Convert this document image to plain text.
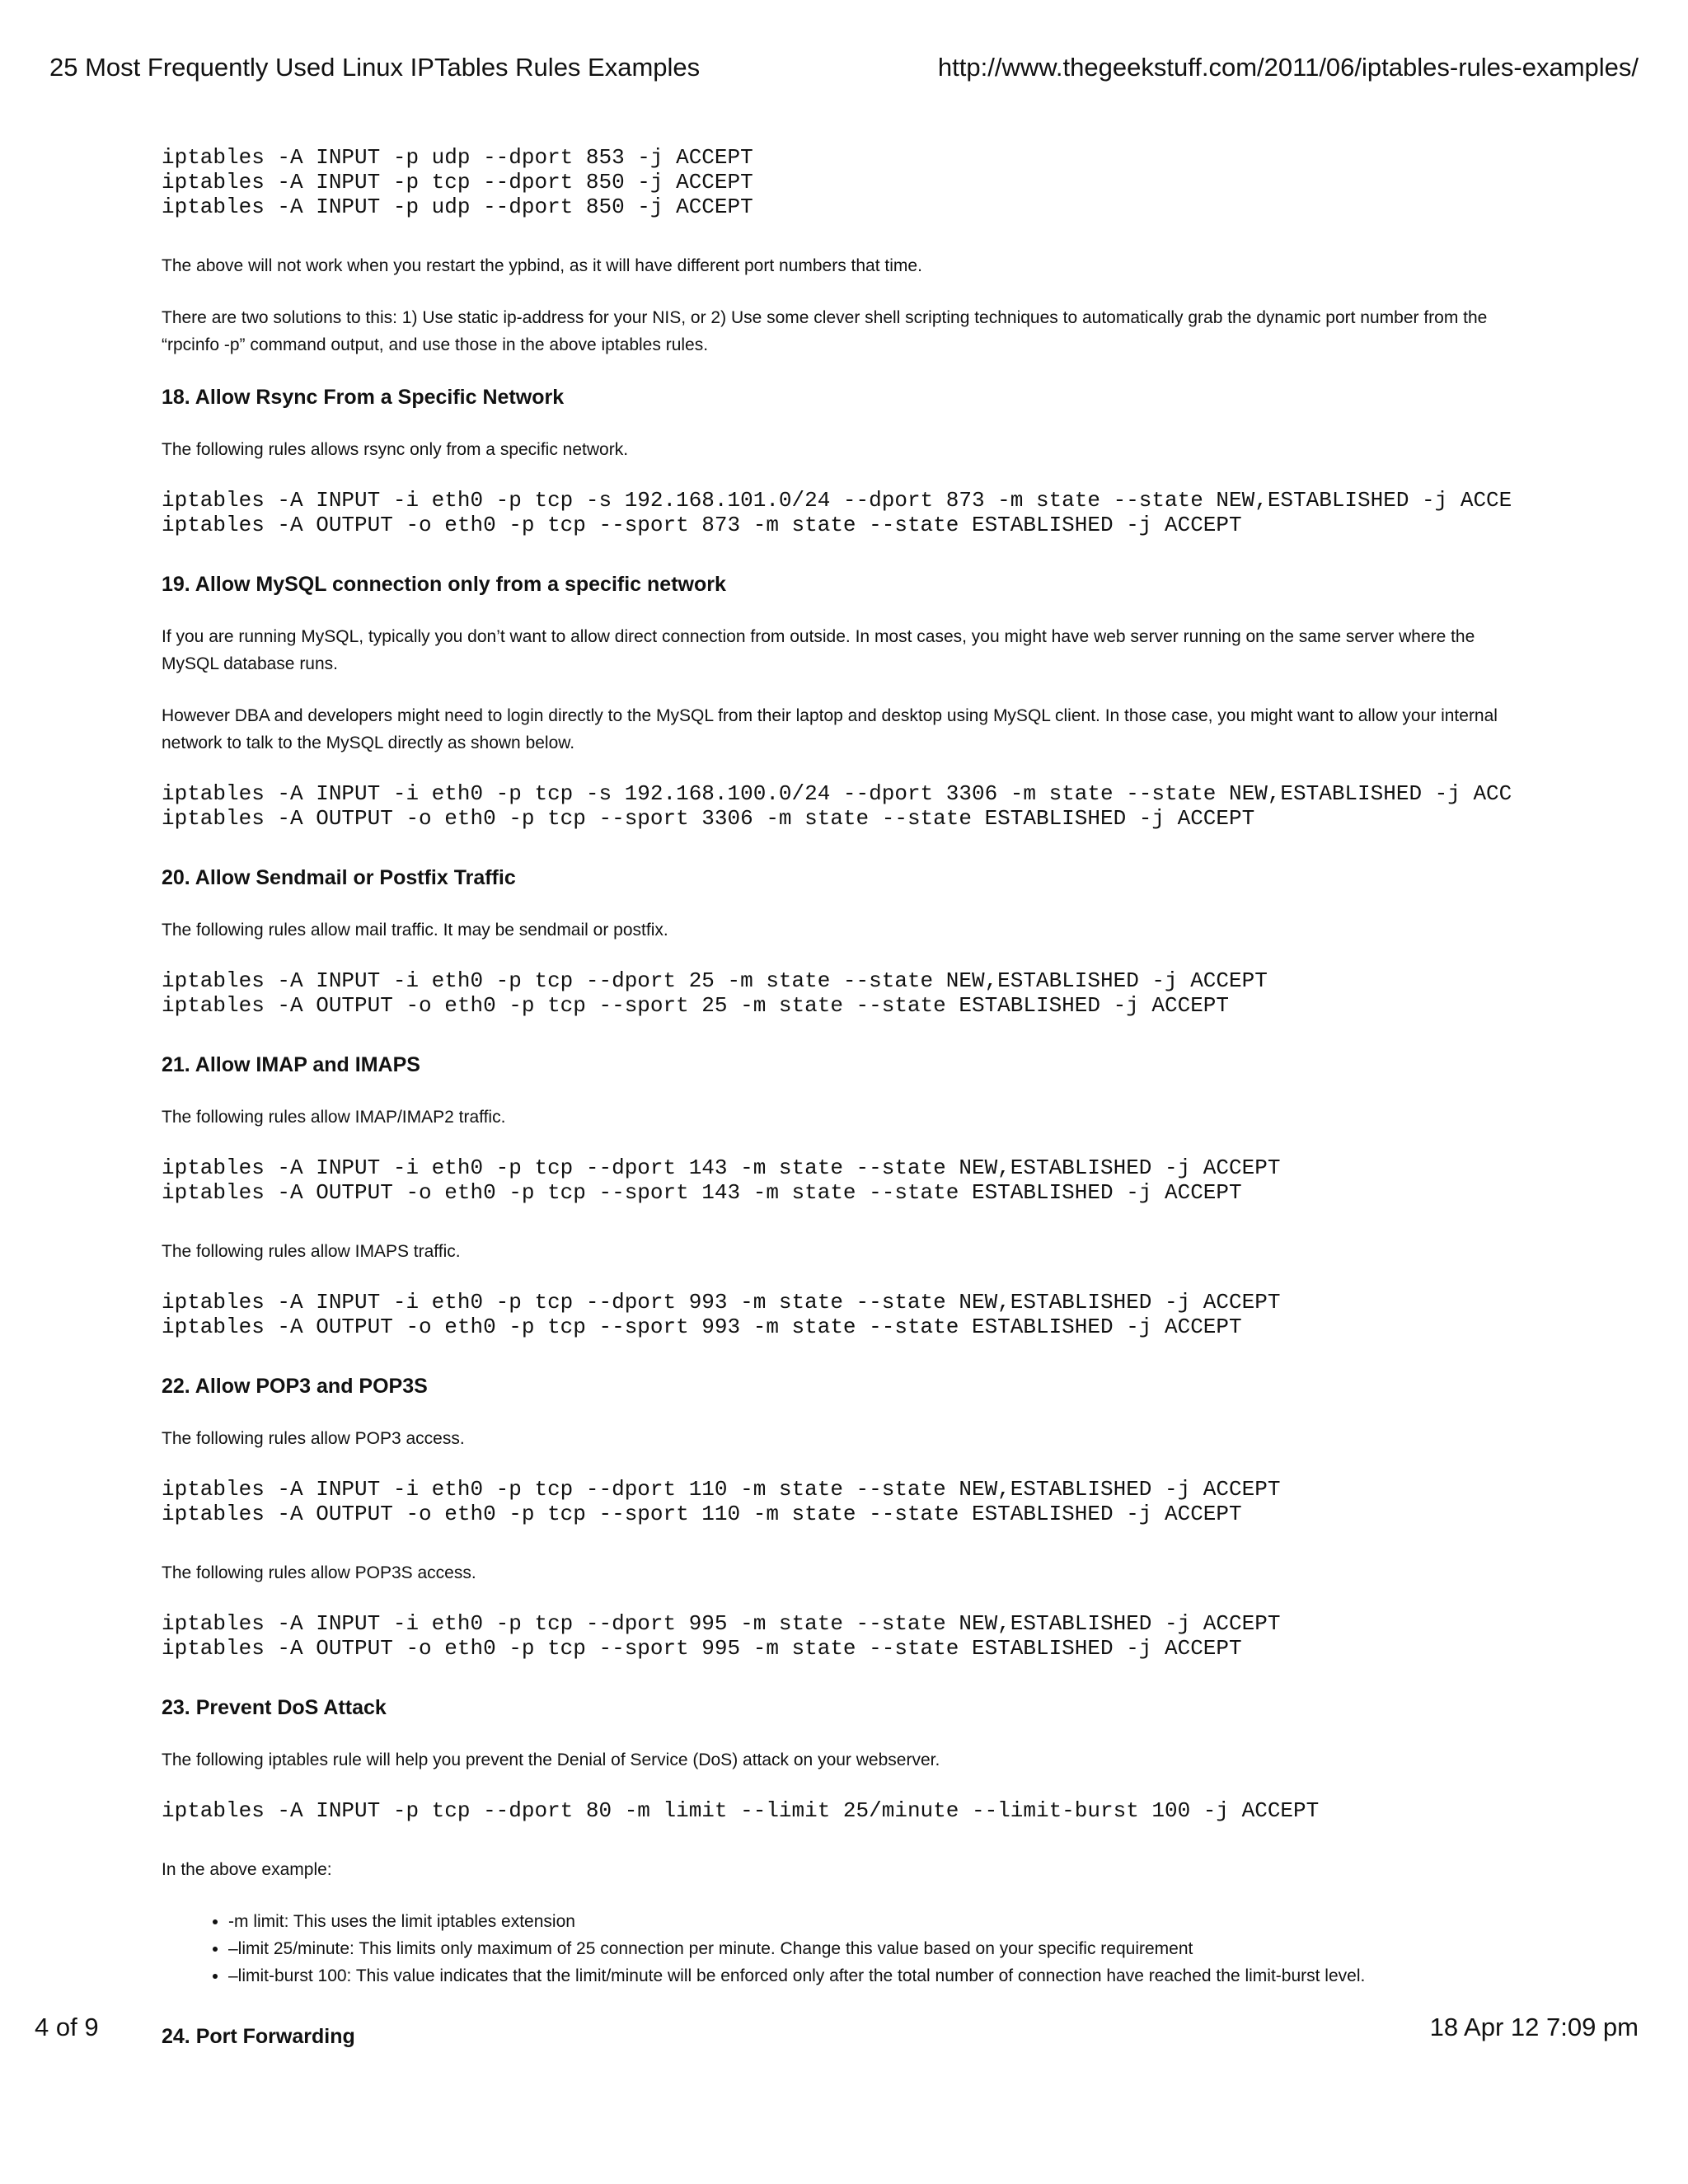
25 Most Frequently Used Linux IPTables Rules Examples	http://www.thegeekstuff.com/2011/06/iptables-rules-examples/
iptables -A INPUT -p udp --dport 853 -j ACCEPT
iptables -A INPUT -p tcp --dport 850 -j ACCEPT
iptables -A INPUT -p udp --dport 850 -j ACCEPT

The above will not work when you restart the ypbind, as it will have different port numbers that time.

There are two solutions to this: 1) Use static ip-address for your NIS, or 2) Use some clever shell scripting techniques to automatically grab the dynamic port number from the “rpcinfo -p” command output, and use those in the above iptables rules.

18. Allow Rsync From a Specific Network

The following rules allows rsync only from a specific network.

iptables -A INPUT -i eth0 -p tcp -s 192.168.101.0/24 --dport 873 -m state --state NEW,ESTABLISHED -j ACCE
iptables -A OUTPUT -o eth0 -p tcp --sport 873 -m state --state ESTABLISHED -j ACCEPT
19. Allow MySQL connection only from a specific network

If you are running MySQL, typically you don’t want to allow direct connection from outside. In most cases, you might have web server running on the same server where the MySQL database runs.

However DBA and developers might need to login directly to the MySQL from their laptop and desktop using MySQL client. In those case, you might want to allow your internal network to talk to the MySQL directly as shown below.

iptables -A INPUT -i eth0 -p tcp -s 192.168.100.0/24 --dport 3306 -m state --state NEW,ESTABLISHED -j ACC
iptables -A OUTPUT -o eth0 -p tcp --sport 3306 -m state --state ESTABLISHED -j ACCEPT
20. Allow Sendmail or Postfix Traffic

The following rules allow mail traffic. It may be sendmail or postfix.

iptables -A INPUT -i eth0 -p tcp --dport 25 -m state --state NEW,ESTABLISHED -j ACCEPT
iptables -A OUTPUT -o eth0 -p tcp --sport 25 -m state --state ESTABLISHED -j ACCEPT
21. Allow IMAP and IMAPS

The following rules allow IMAP/IMAP2 traffic.

iptables -A INPUT -i eth0 -p tcp --dport 143 -m state --state NEW,ESTABLISHED -j ACCEPT
iptables -A OUTPUT -o eth0 -p tcp --sport 143 -m state --state ESTABLISHED -j ACCEPT

The following rules allow IMAPS traffic.

iptables -A INPUT -i eth0 -p tcp --dport 993 -m state --state NEW,ESTABLISHED -j ACCEPT
iptables -A OUTPUT -o eth0 -p tcp --sport 993 -m state --state ESTABLISHED -j ACCEPT
22. Allow POP3 and POP3S

The following rules allow POP3 access.

iptables -A INPUT -i eth0 -p tcp --dport 110 -m state --state NEW,ESTABLISHED -j ACCEPT
iptables -A OUTPUT -o eth0 -p tcp --sport 110 -m state --state ESTABLISHED -j ACCEPT

The following rules allow POP3S access.

iptables -A INPUT -i eth0 -p tcp --dport 995 -m state --state NEW,ESTABLISHED -j ACCEPT
iptables -A OUTPUT -o eth0 -p tcp --sport 995 -m state --state ESTABLISHED -j ACCEPT
23. Prevent DoS Attack

The following iptables rule will help you prevent the Denial of Service (DoS) attack on your webserver.

iptables -A INPUT -p tcp --dport 80 -m limit --limit 25/minute --limit-burst 100 -j ACCEPT

In the above example:

• -m limit: This uses the limit iptables extension
• –limit 25/minute: This limits only maximum of 25 connection per minute. Change this value based on your specific requirement
• –limit-burst 100: This value indicates that the limit/minute will be enforced only after the total number of connection have reached the limit-burst level.
24. Port Forwarding
4 of 9	18 Apr 12 7:09 pm
